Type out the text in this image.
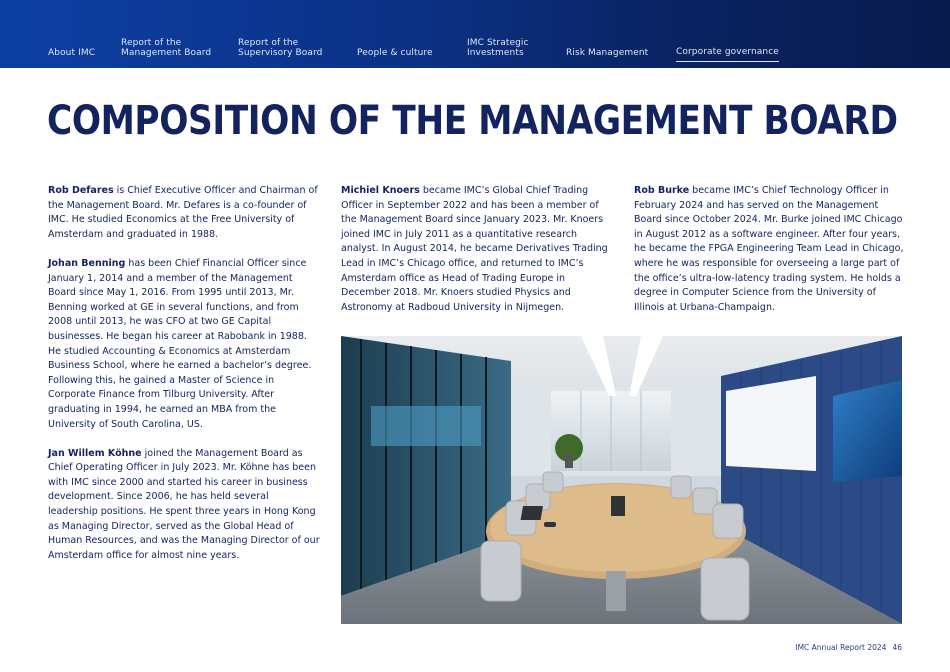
About IMC
Report of the
Management Board
Report of the
Supervisory Board	People & culture
IMC Strategic
Investments	Risk Management	Corporate governance
COMPOSITION OF THE MANAGEMENT BOARD

Rob Defares is Chief Executive Officer and Chairman of the Management Board. Mr. Defares is a co-founder of IMC. He studied Economics at the Free University of Amsterdam and graduated in 1988.

Johan Benning has been Chief Financial Officer since January 1, 2014 and a member of the Management Board since May 1, 2016. From 1995 until 2013, Mr. Benning worked at GE in several functions, and from 2008 until 2013, he was CFO at two GE Capital businesses. He began his career at Rabobank in 1988. He studied Accounting & Economics at Amsterdam Business School, where he earned a bachelor’s degree. Following this, he gained a Master of Science in Corporate Finance from Tilburg University. After graduating in 1994, he earned an MBA from the University of South Carolina, US.

Jan Willem Köhne joined the Management Board as Chief Operating Officer in July 2023. Mr. Köhne has been with IMC since 2000 and started his career in business development. Since 2006, he has held several leadership positions. He spent three years in Hong Kong as Managing Director, served as the Global Head of Human Resources, and was the Managing Director of our Amsterdam office for almost nine years.

Michiel Knoers became IMC’s Global Chief Trading Officer in September 2022 and has been a member of the Management Board since January 2023. Mr. Knoers joined IMC in July 2011 as a quantitative research analyst. In August 2014, he became Derivatives Trading Lead in IMC’s Chicago office, and returned to IMC’s Amsterdam office as Head of Trading Europe in December 2018. Mr. Knoers studied Physics and Astronomy at Radboud University in Nijmegen.

Rob Burke became IMC’s Chief Technology Officer in February 2024 and has served on the Management Board since October 2024. Mr. Burke joined IMC Chicago in August 2012 as a software engineer. After four years, he became the FPGA Engineering Team Lead in Chicago, where he was responsible for overseeing a large part of the office’s ultra-low-latency trading system. He holds a degree in Computer Science from the University of Illinois at Urbana-Champaign.

IMC Annual Report 2024 46
